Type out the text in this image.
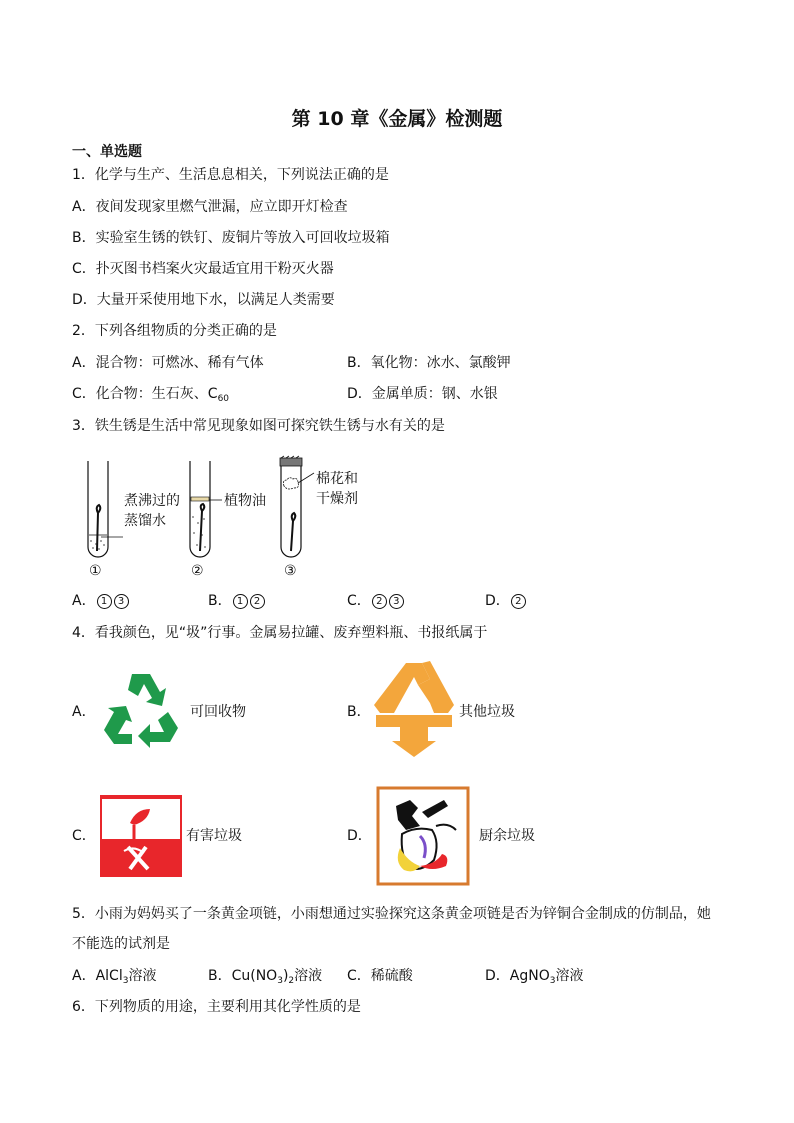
第 10 章《金属》检测题
一、单选题
1．化学与生产、生活息息相关，下列说法正确的是
A．夜间发现家里燃气泄漏，应立即开灯检查
B．实验室生锈的铁钉、废铜片等放入可回收垃圾箱
C．扑灭图书档案火灾最适宜用干粉灭火器
D．大量开采使用地下水，以满足人类需要
2．下列各组物质的分类正确的是
A．混合物：可燃冰、稀有气体	B．氧化物：冰水、氯酸钾
C．化合物：生石灰、$C_{60}$	D．金属单质：钢、水银
3．铁生锈是生活中常见现象如图可探究铁生锈与水有关的是
煮沸过的
蒸馏水
①
植物油
②
棉花和
干燥剂
③
A． 1 3	B． 1 2	C． 2 3	D． 2
4．看我颜色，见“圾”行事。金属易拉罐、废弃塑料瓶、书报纸属于
A．	可回收物	B．	其他垃圾
C．	有害垃圾	D．	厨余垃圾
5．小雨为妈妈买了一条黄金项链，小雨想通过实验探究这条黄金项链是否为锌铜合金制成的仿制品，她
不能选的试剂是
A．AlCl$_3$溶液	B．$Cu(NO_3)_2$溶液 C．稀硫酸	D．AgNO$_3$溶液
6．下列物质的用途，主要利用其化学性质的是
